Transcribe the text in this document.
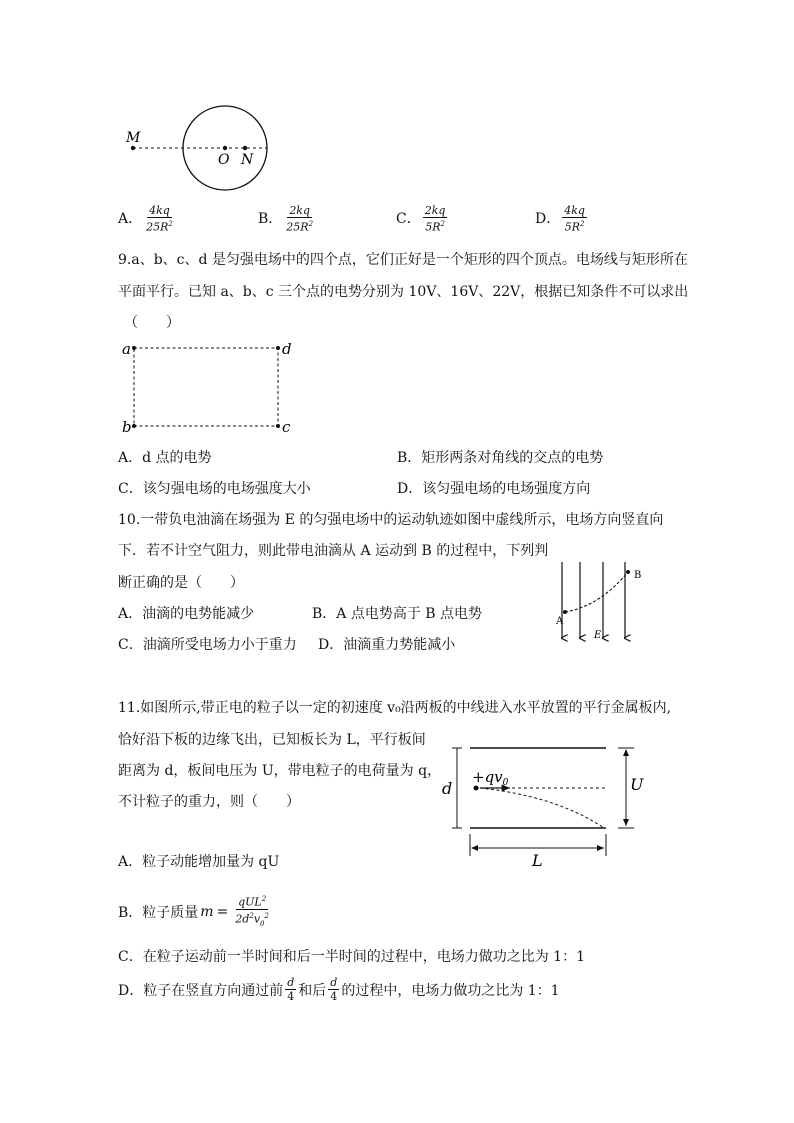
M
O N
A． $\frac{4kq}{25R^2}$	B． $\frac{2kq}{25R^2}$	C． $\frac{2kq}{5R^2}$	D． $\frac{4kq}{5R^2}$
9.a、b、c、d 是匀强电场中的四个点，它们正好是一个矩形的四个顶点。电场线与矩形所在
平面平行。已知 a、b、c 三个点的电势分别为 10V、16V、22V，根据已知条件不可以求出
（　　）
a	d
b	c
A．d 点的电势	B．矩形两条对角线的交点的电势
C．该匀强电场的电场强度大小	D．该匀强电场的电场强度方向
10.一带负电油滴在场强为 E 的匀强电场中的运动轨迹如图中虚线所示，电场方向竖直向
下．若不计空气阻力，则此带电油滴从 A 运动到 B 的过程中，下列判
断正确的是（　　）
A．油滴的电势能减少	B．A 点电势高于 B 点电势
C．油滴所受电场力小于重力 D．油滴重力势能减小
A
B
E
11.如图所示,带正电的粒子以一定的初速度 v₀沿两板的中线进入水平放置的平行金属板内,
恰好沿下板的边缘飞出，已知板长为 L，平行板间
距离为 d，板间电压为 U，带电粒子的电荷量为 q，
不计粒子的重力，则（　　）
d	U
$+qv_0$
L
A．粒子动能增加量为 qU
B．粒子质量 $m = \frac{qUL^2}{2d^2v_0^2}$
C．在粒子运动前一半时间和后一半时间的过程中，电场力做功之比为 1：1
D．粒子在竖直方向通过前 $\frac{d}{4}$ 和后 $\frac{d}{4}$ 的过程中，电场力做功之比为 1：1
